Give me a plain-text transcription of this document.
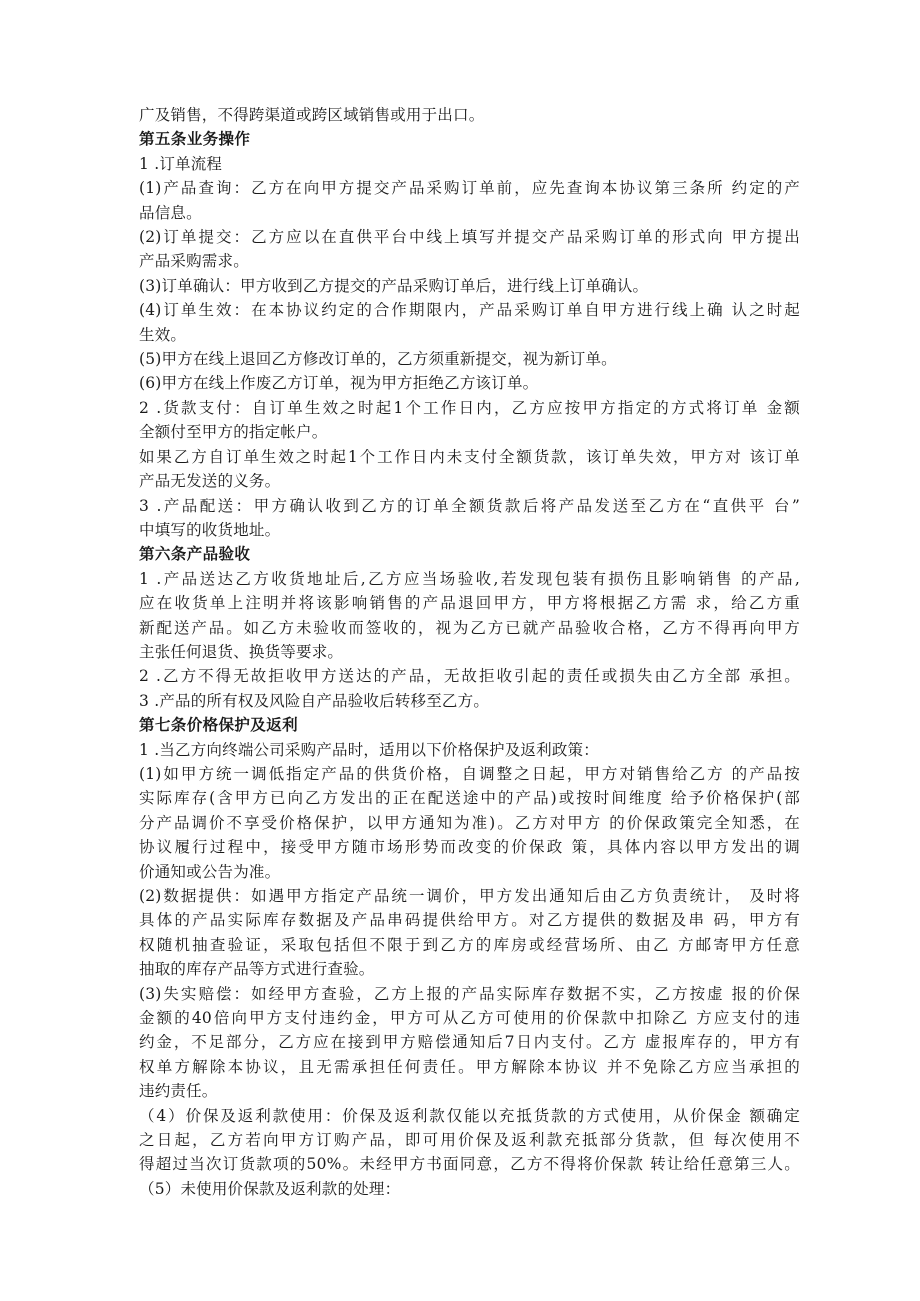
广及销售，不得跨渠道或跨区域销售或用于出口。
第五条业务操作
1 .订单流程
(1)产品查询：乙方在向甲方提交产品采购订单前，应先查询本协议第三条所 约定的产
品信息。
(2)订单提交：乙方应以在直供平台中线上填写并提交产品采购订单的形式向 甲方提出
产品采购需求。
(3)订单确认：甲方收到乙方提交的产品采购订单后，进行线上订单确认。
(4)订单生效：在本协议约定的合作期限内，产品采购订单自甲方进行线上确 认之时起
生效。
(5)甲方在线上退回乙方修改订单的，乙方须重新提交，视为新订单。
(6)甲方在线上作废乙方订单，视为甲方拒绝乙方该订单。
2 .货款支付：自订单生效之时起1个工作日内，乙方应按甲方指定的方式将订单 金额
全额付至甲方的指定帐户。
如果乙方自订单生效之时起1个工作日内未支付全额货款，该订单失效，甲方对 该订单
产品无发送的义务。
3 .产品配送：甲方确认收到乙方的订单全额货款后将产品发送至乙方在“直供平 台”
中填写的收货地址。
第六条产品验收
1 .产品送达乙方收货地址后,乙方应当场验收,若发现包装有损伤且影响销售 的产品,
应在收货单上注明并将该影响销售的产品退回甲方，甲方将根据乙方需 求，给乙方重
新配送产品。如乙方未验收而签收的，视为乙方已就产品验收合格，乙方不得再向甲方
主张任何退货、换货等要求。
2 .乙方不得无故拒收甲方送达的产品，无故拒收引起的责任或损失由乙方全部 承担。
3 .产品的所有权及风险自产品验收后转移至乙方。
第七条价格保护及返利
1 .当乙方向终端公司采购产品时，适用以下价格保护及返利政策：
(1)如甲方统一调低指定产品的供货价格，自调整之日起，甲方对销售给乙方 的产品按
实际库存(含甲方已向乙方发出的正在配送途中的产品)或按时间维度 给予价格保护(部
分产品调价不享受价格保护，以甲方通知为准)。乙方对甲方 的价保政策完全知悉，在
协议履行过程中，接受甲方随市场形势而改变的价保政 策，具体内容以甲方发出的调
价通知或公告为准。
(2)数据提供：如遇甲方指定产品统一调价，甲方发出通知后由乙方负责统计， 及时将
具体的产品实际库存数据及产品串码提供给甲方。对乙方提供的数据及串 码，甲方有
权随机抽查验证，采取包括但不限于到乙方的库房或经营场所、由乙 方邮寄甲方任意
抽取的库存产品等方式进行查验。
(3)失实赔偿：如经甲方查验，乙方上报的产品实际库存数据不实，乙方按虚 报的价保
金额的40倍向甲方支付违约金，甲方可从乙方可使用的价保款中扣除乙 方应支付的违
约金，不足部分，乙方应在接到甲方赔偿通知后7日内支付。乙方 虚报库存的，甲方有
权单方解除本协议，且无需承担任何责任。甲方解除本协议 并不免除乙方应当承担的
违约责任。
（4）价保及返利款使用：价保及返利款仅能以充抵货款的方式使用，从价保金 额确定
之日起，乙方若向甲方订购产品，即可用价保及返利款充抵部分货款，但 每次使用不
得超过当次订货款项的50%。未经甲方书面同意，乙方不得将价保款 转让给任意第三人。
（5）未使用价保款及返利款的处理：
